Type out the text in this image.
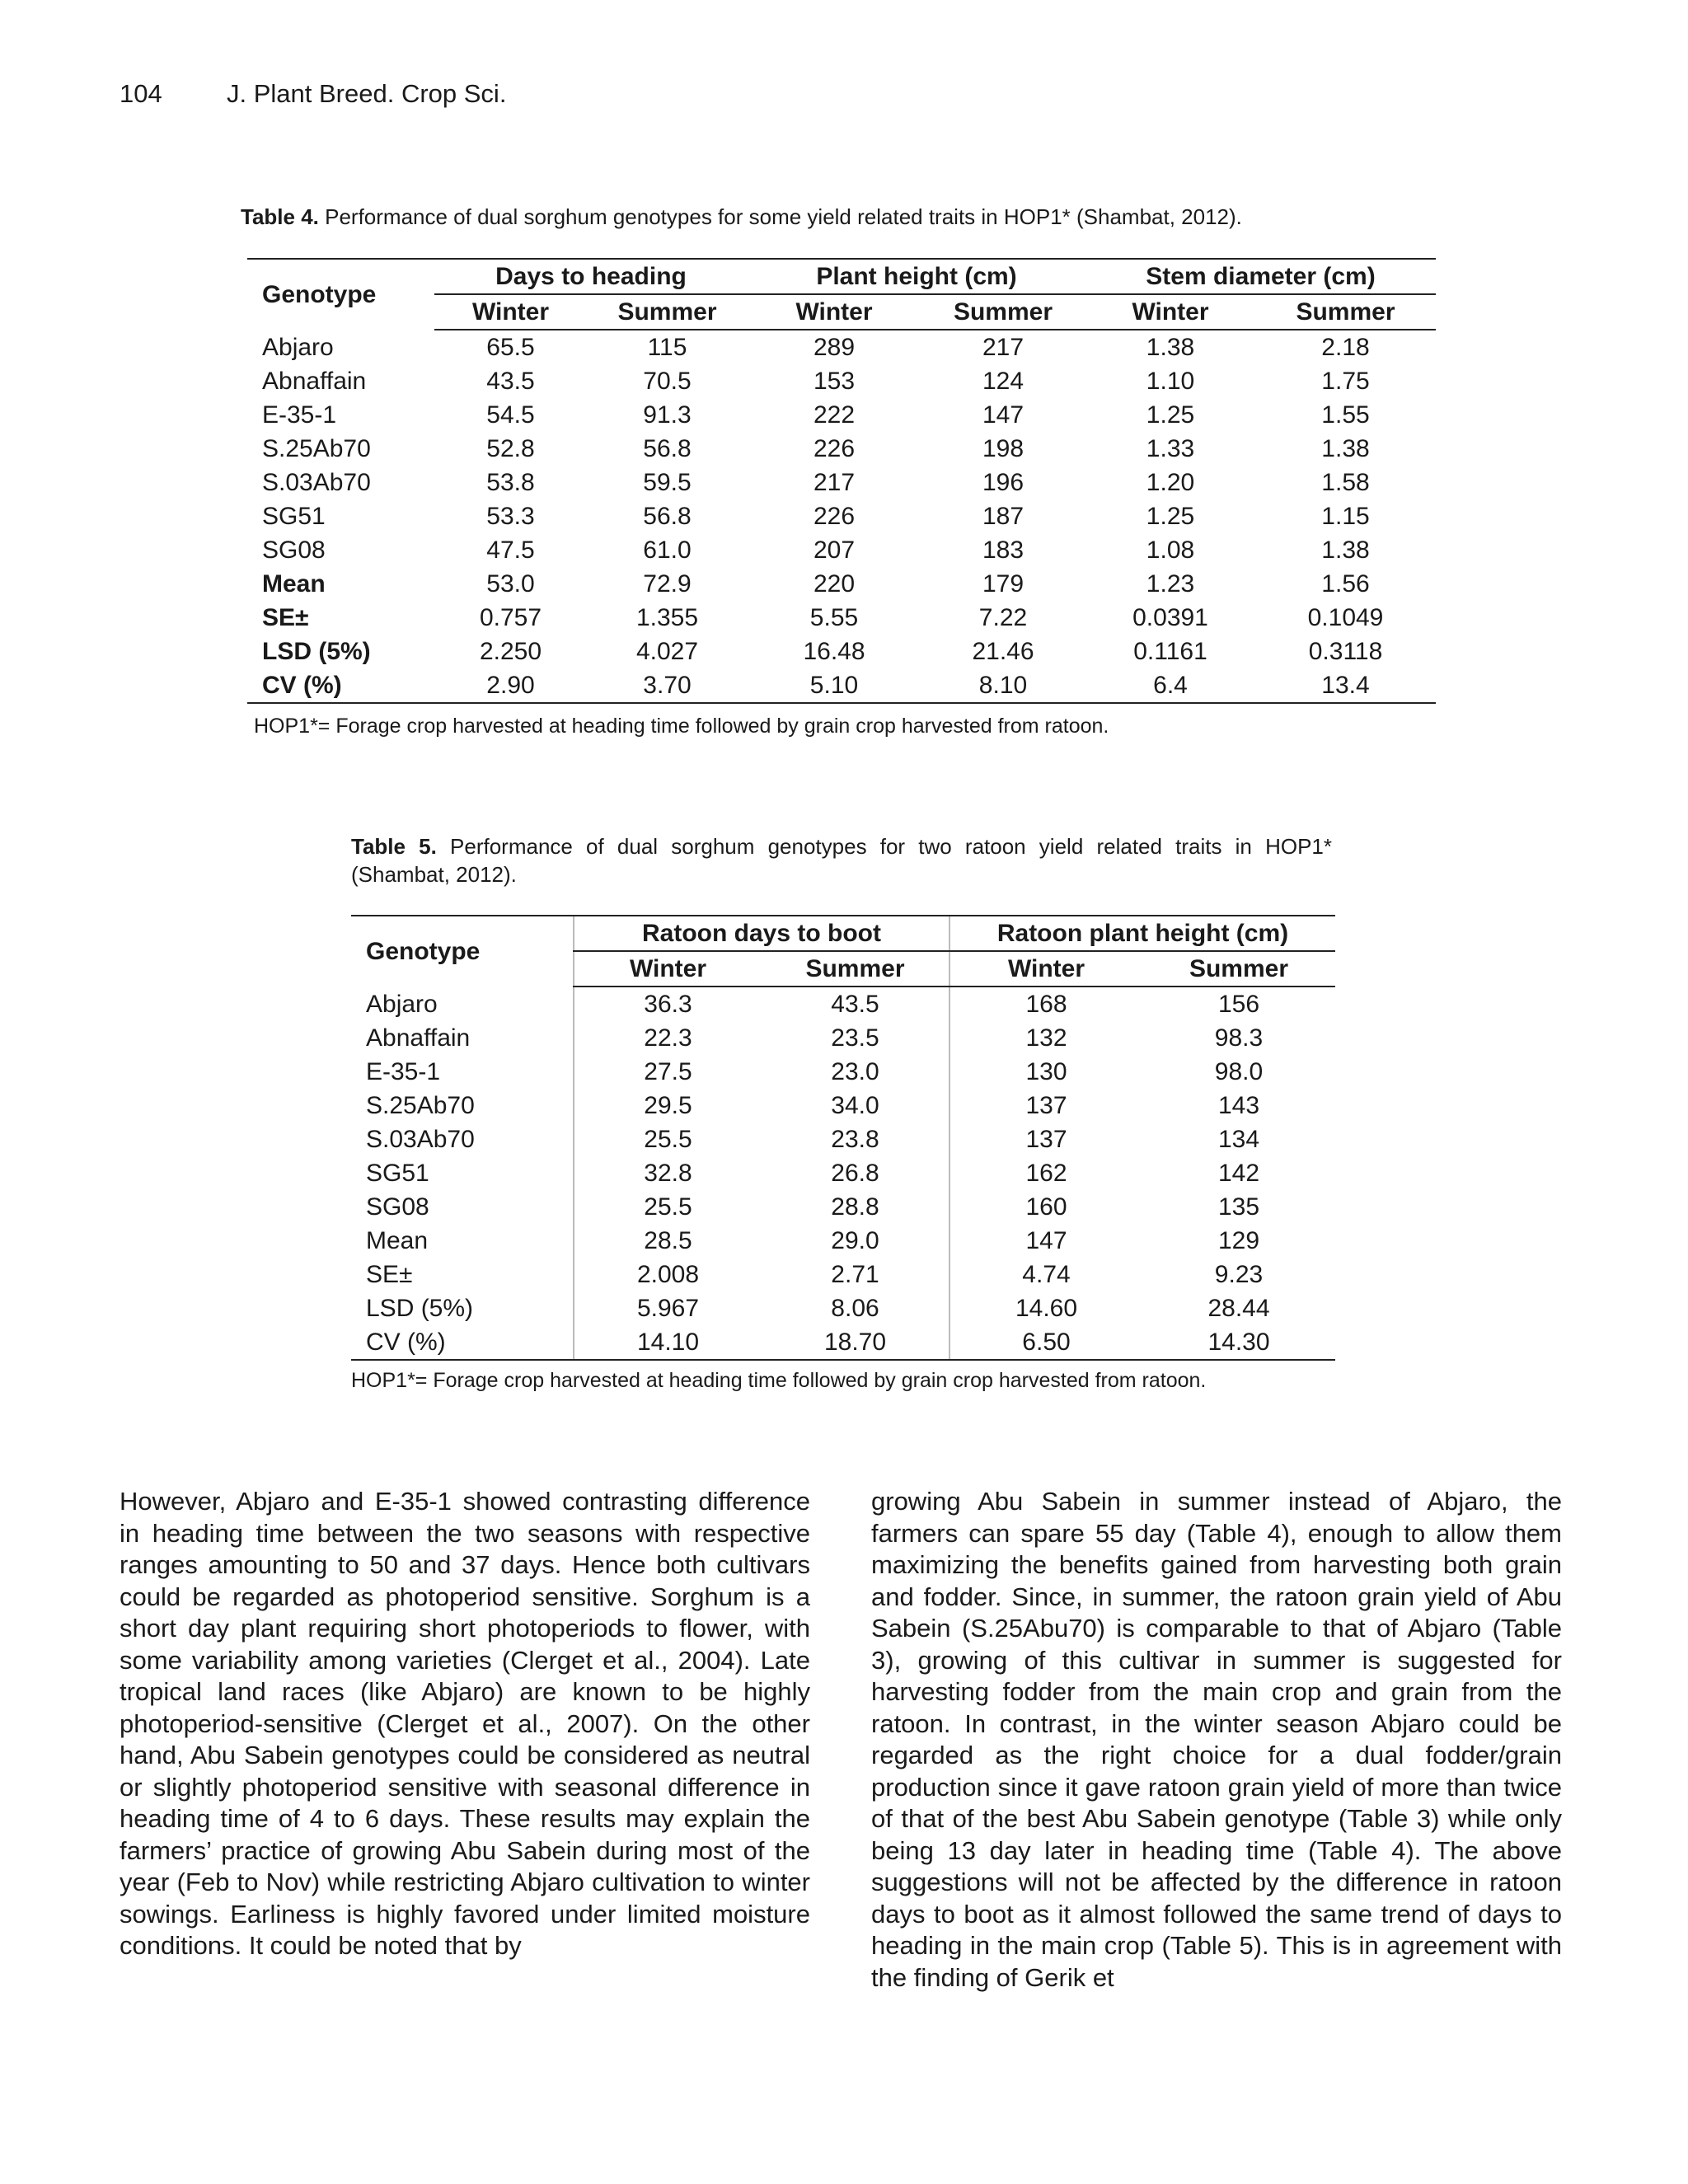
104	J. Plant Breed. Crop Sci.
Table 4. Performance of dual sorghum genotypes for some yield related traits in HOP1* (Shambat, 2012).
Genotype	Days to heading		Plant height (cm)		Stem diameter (cm)	
	Winter	Summer	Winter	Summer	Winter	Summer
Abjaro	65.5	115	289	217	1.38	2.18
Abnaffain	43.5	70.5	153	124	1.10	1.75
E-35-1	54.5	91.3	222	147	1.25	1.55
S.25Ab70	52.8	56.8	226	198	1.33	1.38
S.03Ab70	53.8	59.5	217	196	1.20	1.58
SG51	53.3	56.8	226	187	1.25	1.15
SG08	47.5	61.0	207	183	1.08	1.38
Mean	53.0	72.9	220	179	1.23	1.56
SE±	0.757	1.355	5.55	7.22	0.0391	0.1049
LSD (5%)	2.250	4.027	16.48	21.46	0.1161	0.3118
CV (%)	2.90	3.70	5.10	8.10	6.4	13.4
HOP1*= Forage crop harvested at heading time followed by grain crop harvested from ratoon.
Table 5. Performance of dual sorghum genotypes for two ratoon yield related traits in HOP1* (Shambat, 2012).
Genotype	Ratoon days to boot		Ratoon plant height (cm)	
	Winter	Summer	Winter	Summer
Abjaro	36.3	43.5	168	156
Abnaffain	22.3	23.5	132	98.3
E-35-1	27.5	23.0	130	98.0
S.25Ab70	29.5	34.0	137	143
S.03Ab70	25.5	23.8	137	134
SG51	32.8	26.8	162	142
SG08	25.5	28.8	160	135
Mean	28.5	29.0	147	129
SE±	2.008	2.71	4.74	9.23
LSD (5%)	5.967	8.06	14.60	28.44
CV (%)	14.10	18.70	6.50	14.30
HOP1*= Forage crop harvested at heading time followed by grain crop harvested from ratoon.

However, Abjaro and E-35-1 showed contrasting difference in heading time between the two seasons with respective ranges amounting to 50 and 37 days. Hence both cultivars could be regarded as photoperiod sensitive. Sorghum is a short day plant requiring short photoperiods to flower, with some variability among varieties (Clerget et al., 2004). Late tropical land races (like Abjaro) are known to be highly photoperiod-sensitive (Clerget et al., 2007). On the other hand, Abu Sabein genotypes could be considered as neutral or slightly photoperiod sensitive with seasonal difference in heading time of 4 to 6 days. These results may explain the farmers’ practice of growing Abu Sabein during most of the year (Feb to Nov) while restricting Abjaro cultivation to winter sowings. Earliness is highly favored under limited moisture conditions. It could be noted that by

growing Abu Sabein in summer instead of Abjaro, the farmers can spare 55 day (Table 4), enough to allow them maximizing the benefits gained from harvesting both grain and fodder. Since, in summer, the ratoon grain yield of Abu Sabein (S.25Abu70) is comparable to that of Abjaro (Table 3), growing of this cultivar in summer is suggested for harvesting fodder from the main crop and grain from the ratoon. In contrast, in the winter season Abjaro could be regarded as the right choice for a dual fodder/grain production since it gave ratoon grain yield of more than twice of that of the best Abu Sabein genotype (Table 3) while only being 13 day later in heading time (Table 4). The above suggestions will not be affected by the difference in ratoon days to boot as it almost followed the same trend of days to heading in the main crop (Table 5). This is in agreement with the finding of Gerik et
